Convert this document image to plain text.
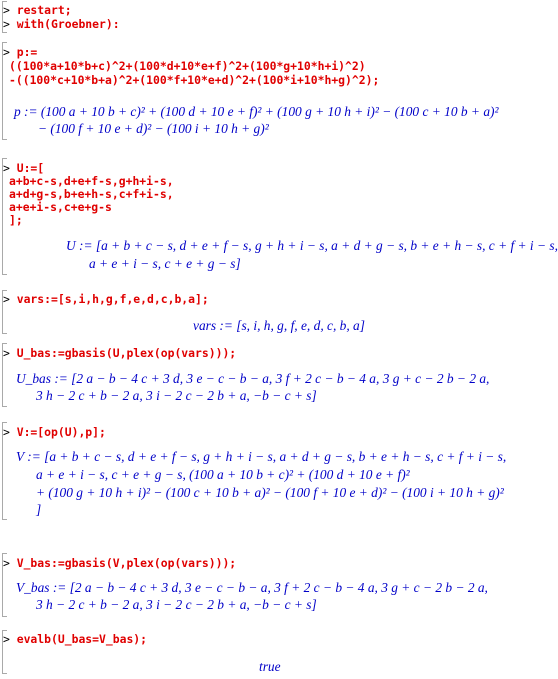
> restart;
> with(Groebner):
> p:=
((100*a+10*b+c)^2+(100*d+10*e+f)^2+(100*g+10*h+i)^2)
-((100*c+10*b+a)^2+(100*f+10*e+d)^2+(100*i+10*h+g)^2);
p := (100 a + 10 b + c)² + (100 d + 10 e + f)² + (100 g + 10 h + i)² − (100 c + 10 b + a)²
− (100 f + 10 e + d)² − (100 i + 10 h + g)²
> U:=[
a+b+c-s,d+e+f-s,g+h+i-s,
a+d+g-s,b+e+h-s,c+f+i-s,
a+e+i-s,c+e+g-s
];
U := [a + b + c − s, d + e + f − s, g + h + i − s, a + d + g − s, b + e + h − s, c + f + i − s,
a + e + i − s, c + e + g − s]
> vars:=[s,i,h,g,f,e,d,c,b,a];
vars := [s, i, h, g, f, e, d, c, b, a]
> U_bas:=gbasis(U,plex(op(vars)));
U_bas := [2 a − b − 4 c + 3 d, 3 e − c − b − a, 3 f + 2 c − b − 4 a, 3 g + c − 2 b − 2 a,
3 h − 2 c + b − 2 a, 3 i − 2 c − 2 b + a, −b − c + s]
> V:=[op(U),p];
V := [a + b + c − s, d + e + f − s, g + h + i − s, a + d + g − s, b + e + h − s, c + f + i − s,
a + e + i − s, c + e + g − s, (100 a + 10 b + c)² + (100 d + 10 e + f)²
+ (100 g + 10 h + i)² − (100 c + 10 b + a)² − (100 f + 10 e + d)² − (100 i + 10 h + g)²
]
> V_bas:=gbasis(V,plex(op(vars)));
V_bas := [2 a − b − 4 c + 3 d, 3 e − c − b − a, 3 f + 2 c − b − 4 a, 3 g + c − 2 b − 2 a,
3 h − 2 c + b − 2 a, 3 i − 2 c − 2 b + a, −b − c + s]
> evalb(U_bas=V_bas);
true
